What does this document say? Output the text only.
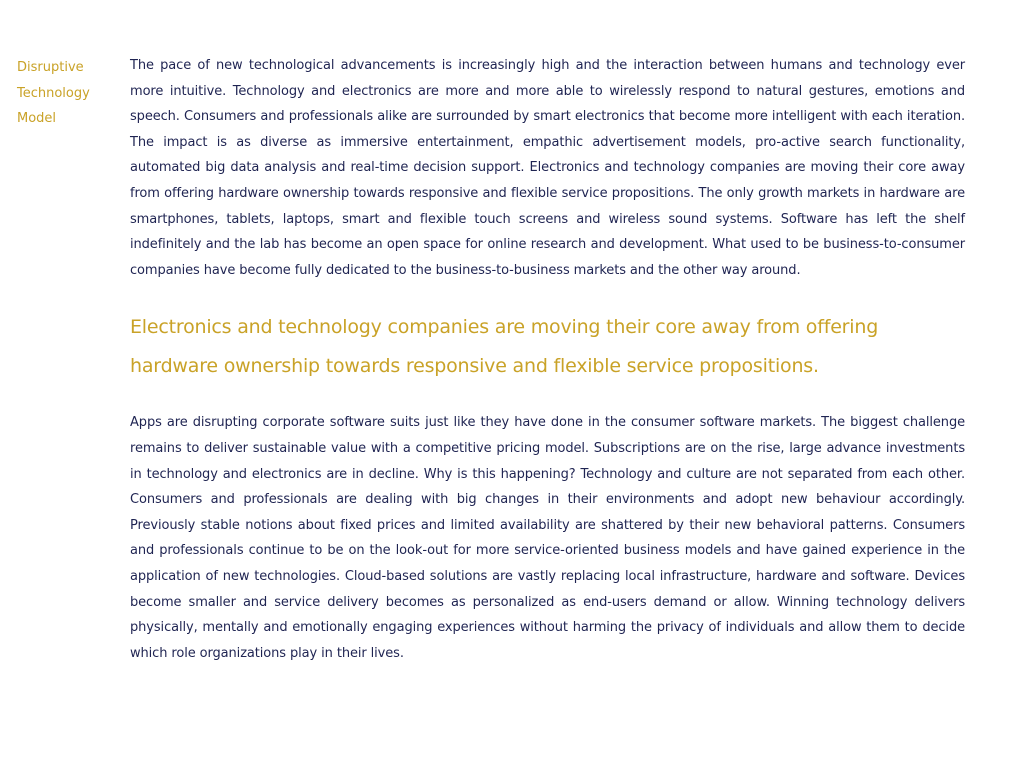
Disruptive
Technology
Model

The pace of new technological advancements is increasingly high and the interaction between humans and technology ever more intuitive. Technology and electronics are more and more able to wirelessly respond to natural gestures, emotions and speech. Consumers and professionals alike are surrounded by smart electronics that become more intelligent with each iteration. The impact is as diverse as immersive entertainment, empathic advertisement models, pro-active search functionality, automated big data analysis and real-time decision support. Electronics and technology companies are moving their core away from offering hardware ownership towards responsive and flexible service propositions. The only growth markets in hardware are smartphones, tablets, laptops, smart and flexible touch screens and wireless sound systems. Software has left the shelf indefinitely and the lab has become an open space for online research and development. What used to be business-to-consumer companies have become fully dedicated to the business-to-business markets and the other way around.

Electronics and technology companies are moving their core away from offering hardware ownership towards responsive and flexible service propositions.

Apps are disrupting corporate software suits just like they have done in the consumer software markets. The biggest challenge remains to deliver sustainable value with a competitive pricing model. Subscriptions are on the rise, large advance investments in technology and electronics are in decline. Why is this happening? Technology and culture are not separated from each other. Consumers and professionals are dealing with big changes in their environments and adopt new behaviour accordingly. Previously stable notions about fixed prices and limited availability are shattered by their new behavioral patterns. Consumers and professionals continue to be on the look-out for more service-oriented business models and have gained experience in the application of new technologies. Cloud-based solutions are vastly replacing local infrastructure, hardware and software. Devices become smaller and service delivery becomes as personalized as end-users demand or allow. Winning technology delivers physically, mentally and emotionally engaging experiences without harming the privacy of individuals and allow them to decide which role organizations play in their lives.
